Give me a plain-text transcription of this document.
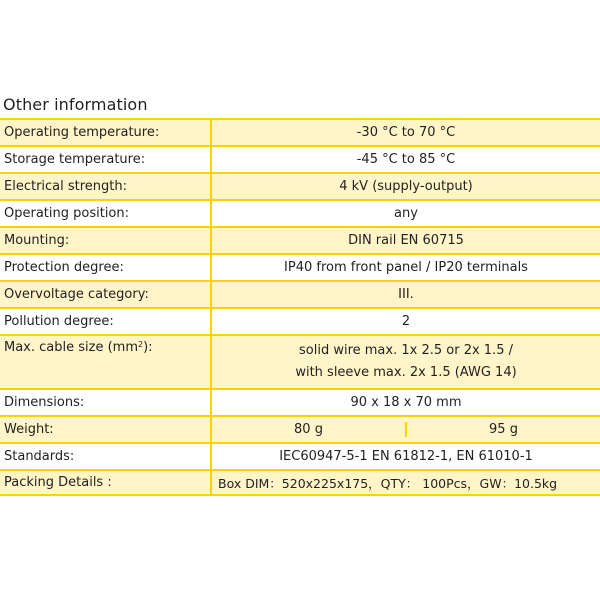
Other information
Operating temperature:	-30 °C to 70 °C
Storage temperature:	-45 °C to 85 °C
Electrical strength:	4 kV (supply-output)
Operating position:	any
Mounting:	DIN rail EN 60715
Protection degree:	IP40 from front panel / IP20 terminals
Overvoltage category:	III.
Pollution degree:	2
Max. cable size ($mm^2$ ):	solid wire max. 1x 2.5 or 2x 1.5 /
with sleeve max. 2x 1.5 (AWG 14)
Dimensions:	90 x 18 x 70 mm
Weight:	80 g	95 g
Standards:	IEC60947-5-1 EN 61812-1, EN 61010-1
Packing Details :	Box DIM：520x225x175，QTY： 100Pcs，GW：10.5kg
